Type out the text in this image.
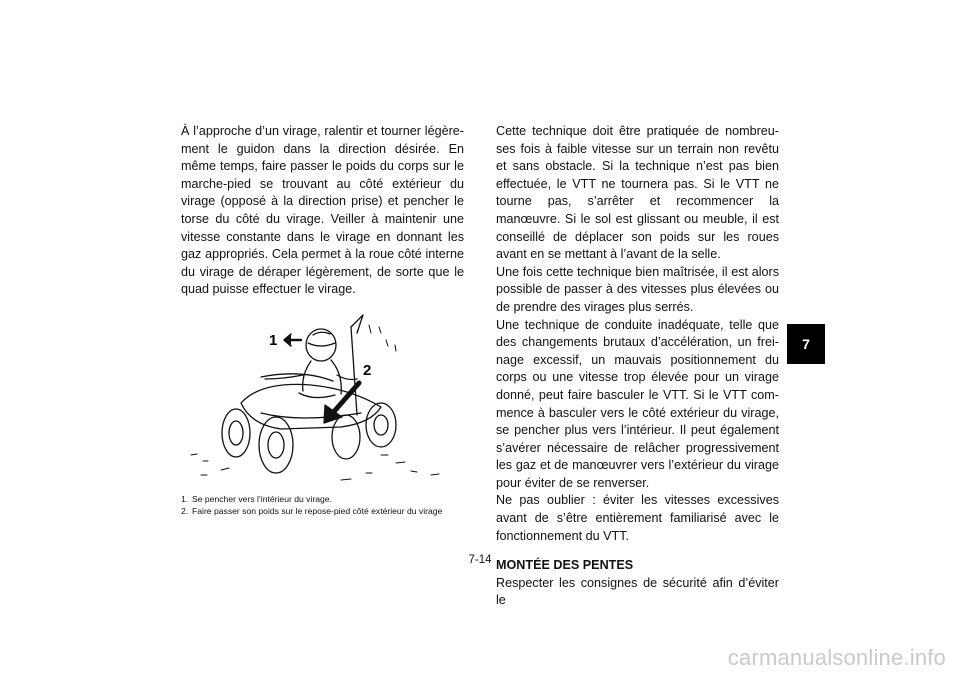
À l’approche d’un virage, ralentir et tourner légèrement le guidon dans la direction désirée. En même temps, faire passer le poids du corps sur le marche-pied se trouvant au côté extérieur du virage (opposé à la direction prise) et pencher le torse du côté du virage. Veiller à maintenir une vitesse constante dans le virage en donnant les gaz appropriés. Cela permet à la roue côté interne du virage de déraper légèrement, de sorte que le quad puisse effectuer le virage.

1
2
1. Se pencher vers l’intérieur du virage.
2. Faire passer son poids sur le repose-pied côté extérieur du virage

Cette technique doit être pratiquée de nombreuses fois à faible vitesse sur un terrain non revêtu et sans obstacle. Si la technique n’est pas bien effectuée, le VTT ne tournera pas. Si le VTT ne tourne pas, s’arrêter et recommencer la manœuvre. Si le sol est glissant ou meuble, il est conseillé de déplacer son poids sur les roues avant en se mettant à l’avant de la selle.

Une fois cette technique bien maîtrisée, il est alors possible de passer à des vitesses plus élevées ou de prendre des virages plus serrés.

Une technique de conduite inadéquate, telle que des changements brutaux d’accélération, un freinage excessif, un mauvais positionnement du corps ou une vitesse trop élevée pour un virage donné, peut faire basculer le VTT. Si le VTT commence à basculer vers le côté extérieur du virage, se pencher plus vers l’intérieur. Il peut également s’avérer nécessaire de relâcher progressivement les gaz et de manœuvrer vers l’extérieur du virage pour éviter de se renverser.

Ne pas oublier : éviter les vitesses excessives avant de s’être entièrement familiarisé avec le fonctionnement du VTT.

MONTÉE DES PENTES

Respecter les consignes de sécurité afin d’éviter le

7-14
7
carmanualsonline.info
